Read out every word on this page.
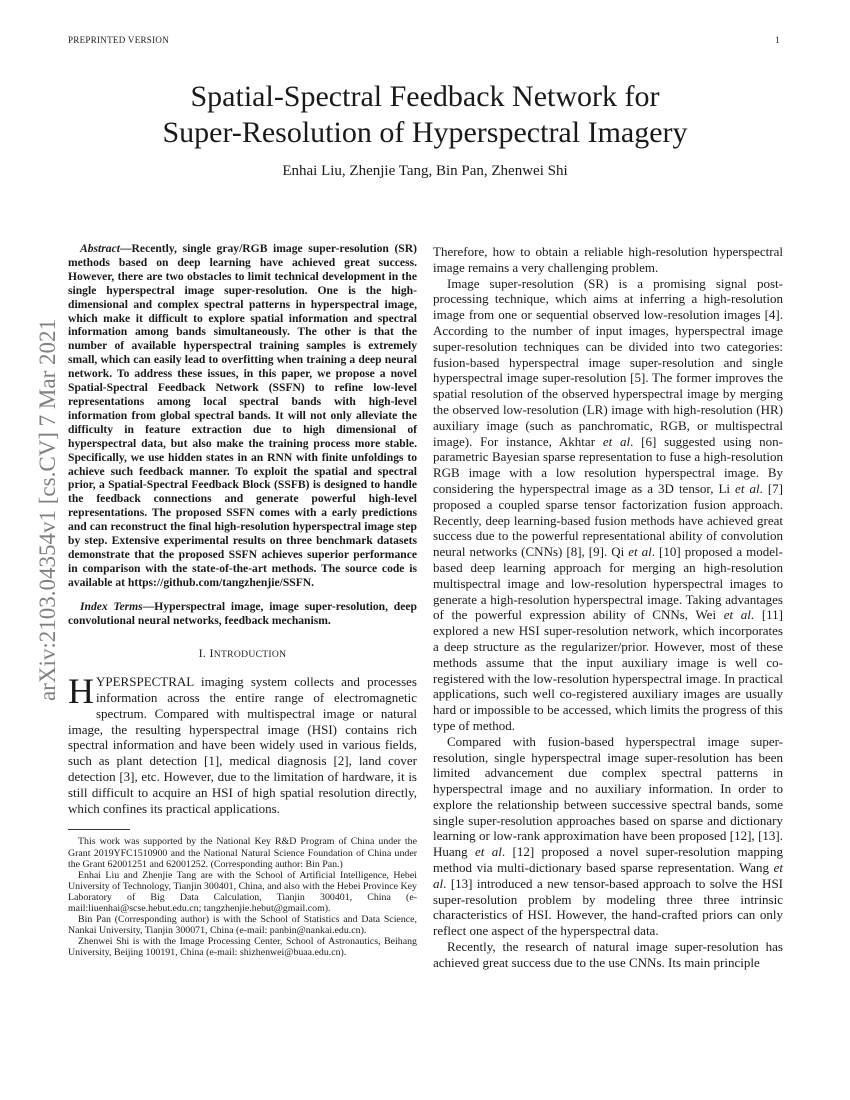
PREPRINTED VERSION	1
arXiv:2103.04354v1 [cs.CV] 7 Mar 2021
Spatial-Spectral Feedback Network for
Super-Resolution of Hyperspectral Imagery
Enhai Liu, Zhenjie Tang, Bin Pan, Zhenwei Shi

Abstract—Recently, single gray/RGB image super-resolution (SR) methods based on deep learning have achieved great success. However, there are two obstacles to limit technical development in the single hyperspectral image super-resolution. One is the high-dimensional and complex spectral patterns in hyperspectral image, which make it difficult to explore spatial information and spectral information among bands simultaneously. The other is that the number of available hyperspectral training samples is extremely small, which can easily lead to overfitting when training a deep neural network. To address these issues, in this paper, we propose a novel Spatial-Spectral Feedback Network (SSFN) to refine low-level representations among local spectral bands with high-level information from global spectral bands. It will not only alleviate the difficulty in feature extraction due to high dimensional of hyperspectral data, but also make the training process more stable. Specifically, we use hidden states in an RNN with finite unfoldings to achieve such feedback manner. To exploit the spatial and spectral prior, a Spatial-Spectral Feedback Block (SSFB) is designed to handle the feedback connections and generate powerful high-level representations. The proposed SSFN comes with a early predictions and can reconstruct the final high-resolution hyperspectral image step by step. Extensive experimental results on three benchmark datasets demonstrate that the proposed SSFN achieves superior performance in comparison with the state-of-the-art methods. The source code is available at https://github.com/tangzhenjie/SSFN.

Index Terms—Hyperspectral image, image super-resolution, deep convolutional neural networks, feedback mechanism.

I. INTRODUCTION

HYPERSPECTRAL imaging system collects and processes information across the entire range of electromagnetic spectrum. Compared with multispectral image or natural image, the resulting hyperspectral image (HSI) contains rich spectral information and have been widely used in various fields, such as plant detection [1], medical diagnosis [2], land cover detection [3], etc. However, due to the limitation of hardware, it is still difficult to acquire an HSI of high spatial resolution directly, which confines its practical applications.

This work was supported by the National Key R&D Program of China under the Grant 2019YFC1510900 and the National Natural Science Foundation of China under the Grant 62001251 and 62001252. (Corresponding author: Bin Pan.)

Enhai Liu and Zhenjie Tang are with the School of Artificial Intelligence, Hebei University of Technology, Tianjin 300401, China, and also with the Hebei Province Key Laboratory of Big Data Calculation, Tianjin 300401, China (e-mail:liuenhai@scse.hebut.edu.cn; tangzhenjie.hebut@gmail.com).

Bin Pan (Corresponding author) is with the School of Statistics and Data Science, Nankai University, Tianjin 300071, China (e-mail: panbin@nankai.edu.cn).

Zhenwei Shi is with the Image Processing Center, School of Astronautics, Beihang University, Beijing 100191, China (e-mail: shizhenwei@buaa.edu.cn).

Therefore, how to obtain a reliable high-resolution hyperspectral image remains a very challenging problem.

Image super-resolution (SR) is a promising signal post-processing technique, which aims at inferring a high-resolution image from one or sequential observed low-resolution images [4]. According to the number of input images, hyperspectral image super-resolution techniques can be divided into two categories: fusion-based hyperspectral image super-resolution and single hyperspectral image super-resolution [5]. The former improves the spatial resolution of the observed hyperspectral image by merging the observed low-resolution (LR) image with high-resolution (HR) auxiliary image (such as panchromatic, RGB, or multispectral image). For instance, Akhtar et al. [6] suggested using non-parametric Bayesian sparse representation to fuse a high-resolution RGB image with a low resolution hyperspectral image. By considering the hyperspectral image as a 3D tensor, Li et al. [7] proposed a coupled sparse tensor factorization fusion approach. Recently, deep learning-based fusion methods have achieved great success due to the powerful representational ability of convolution neural networks (CNNs) [8], [9]. Qi et al. [10] proposed a model-based deep learning approach for merging an high-resolution multispectral image and low-resolution hyperspectral images to generate a high-resolution hyperspectral image. Taking advantages of the powerful expression ability of CNNs, Wei et al. [11] explored a new HSI super-resolution network, which incorporates a deep structure as the regularizer/prior. However, most of these methods assume that the input auxiliary image is well co-registered with the low-resolution hyperspectral image. In practical applications, such well co-registered auxiliary images are usually hard or impossible to be accessed, which limits the progress of this type of method.

Compared with fusion-based hyperspectral image super-resolution, single hyperspectral image super-resolution has been limited advancement due complex spectral patterns in hyperspectral image and no auxiliary information. In order to explore the relationship between successive spectral bands, some single super-resolution approaches based on sparse and dictionary learning or low-rank approximation have been proposed [12], [13]. Huang et al. [12] proposed a novel super-resolution mapping method via multi-dictionary based sparse representation. Wang et al. [13] introduced a new tensor-based approach to solve the HSI super-resolution problem by modeling three three intrinsic characteristics of HSI. However, the hand-crafted priors can only reflect one aspect of the hyperspectral data.

Recently, the research of natural image super-resolution has achieved great success due to the use CNNs. Its main principle
